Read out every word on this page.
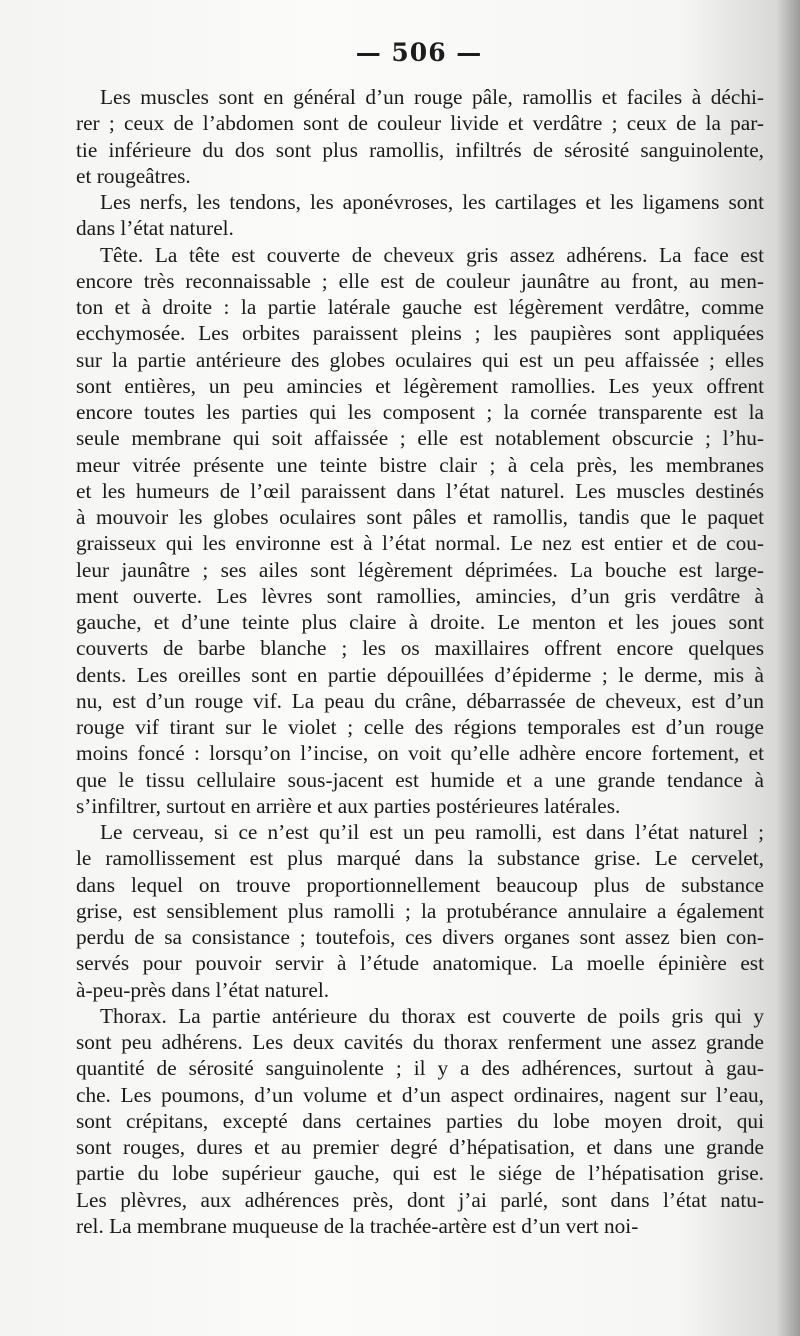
— 506 —
Les muscles sont en général d’un rouge pâle, ramollis et faciles à déchi-
rer ; ceux de l’abdomen sont de couleur livide et verdâtre ; ceux de la par-
tie inférieure du dos sont plus ramollis, infiltrés de sérosité sanguinolente,
et rougeâtres.
Les nerfs, les tendons, les aponévroses, les cartilages et les ligamens sont
dans l’état naturel.
Tête. La tête est couverte de cheveux gris assez adhérens. La face est
encore très reconnaissable ; elle est de couleur jaunâtre au front, au men-
ton et à droite : la partie latérale gauche est légèrement verdâtre, comme
ecchymosée. Les orbites paraissent pleins ; les paupières sont appliquées
sur la partie antérieure des globes oculaires qui est un peu affaissée ; elles
sont entières, un peu amincies et légèrement ramollies. Les yeux offrent
encore toutes les parties qui les composent ; la cornée transparente est la
seule membrane qui soit affaissée ; elle est notablement obscurcie ; l’hu-
meur vitrée présente une teinte bistre clair ; à cela près, les membranes
et les humeurs de l’œil paraissent dans l’état naturel. Les muscles destinés
à mouvoir les globes oculaires sont pâles et ramollis, tandis que le paquet
graisseux qui les environne est à l’état normal. Le nez est entier et de cou-
leur jaunâtre ; ses ailes sont légèrement déprimées. La bouche est large-
ment ouverte. Les lèvres sont ramollies, amincies, d’un gris verdâtre à
gauche, et d’une teinte plus claire à droite. Le menton et les joues sont
couverts de barbe blanche ; les os maxillaires offrent encore quelques
dents. Les oreilles sont en partie dépouillées d’épiderme ; le derme, mis à
nu, est d’un rouge vif. La peau du crâne, débarrassée de cheveux, est d’un
rouge vif tirant sur le violet ; celle des régions temporales est d’un rouge
moins foncé : lorsqu’on l’incise, on voit qu’elle adhère encore fortement, et
que le tissu cellulaire sous-jacent est humide et a une grande tendance à
s’infiltrer, surtout en arrière et aux parties postérieures latérales.
Le cerveau, si ce n’est qu’il est un peu ramolli, est dans l’état naturel ;
le ramollissement est plus marqué dans la substance grise. Le cervelet,
dans lequel on trouve proportionnellement beaucoup plus de substance
grise, est sensiblement plus ramolli ; la protubérance annulaire a également
perdu de sa consistance ; toutefois, ces divers organes sont assez bien con-
servés pour pouvoir servir à l’étude anatomique. La moelle épinière est
à-peu-près dans l’état naturel.
Thorax. La partie antérieure du thorax est couverte de poils gris qui y
sont peu adhérens. Les deux cavités du thorax renferment une assez grande
quantité de sérosité sanguinolente ; il y a des adhérences, surtout à gau-
che. Les poumons, d’un volume et d’un aspect ordinaires, nagent sur l’eau,
sont crépitans, excepté dans certaines parties du lobe moyen droit, qui
sont rouges, dures et au premier degré d’hépatisation, et dans une grande
partie du lobe supérieur gauche, qui est le siége de l’hépatisation grise.
Les plèvres, aux adhérences près, dont j’ai parlé, sont dans l’état natu-
rel. La membrane muqueuse de la trachée-artère est d’un vert noi-
